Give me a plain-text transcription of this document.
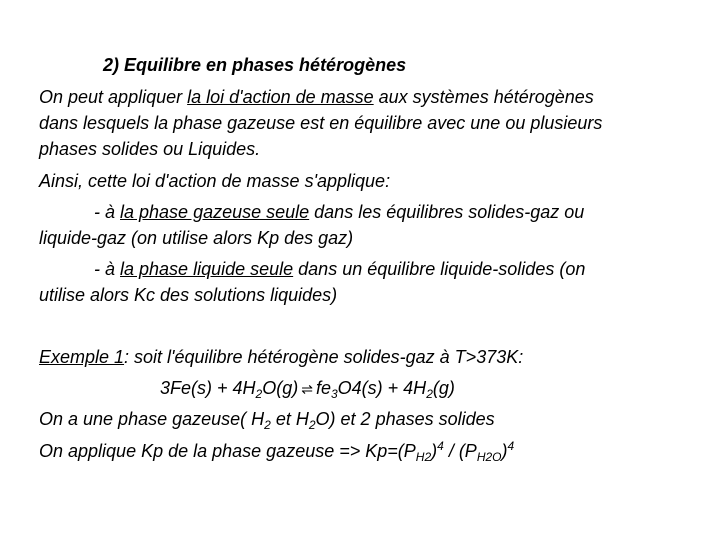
2) Equilibre en phases hétérogènes
On peut appliquer la loi d'action de masse aux systèmes hétérogènes
dans lesquels la phase gazeuse est en équilibre avec une ou plusieurs
phases solides ou Liquides.
Ainsi, cette loi d'action de masse s'applique:
- à la phase gazeuse seule dans les équilibres solides-gaz ou
liquide-gaz (on utilise alors Kp des gaz)
- à la phase liquide seule dans un équilibre liquide-solides (on
utilise alors Kc des solutions liquides)
Exemple 1: soit l'équilibre hétérogène solides-gaz à T>373K:
$3Fe(s) + 4H_2O(g)$ ⇌ $fe_3O4(s) + 4H_2(g)$
On a une phase gazeuse( $H_2$ et $H_2O$) et 2 phases solides
On applique Kp de la phase gazeuse => $Kp=(P_{H2})^4 / (P_{H2O})^4$
